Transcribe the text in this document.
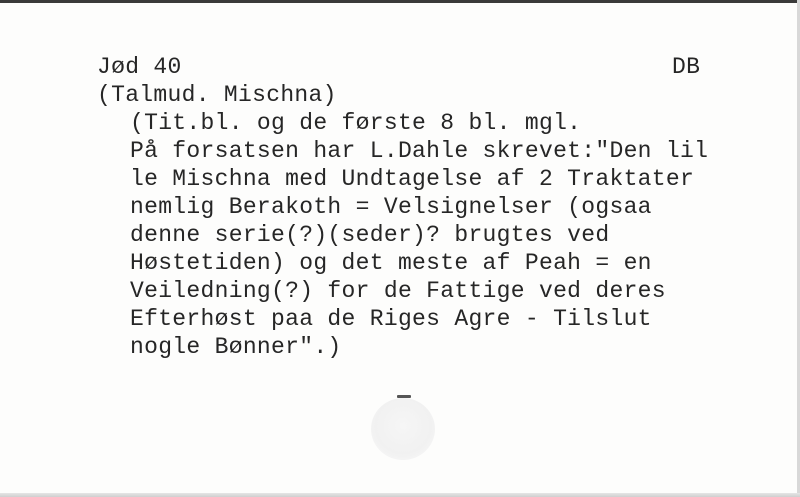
Jød 40	DB

(Talmud. Mischna)

(Tit.bl. og de første 8 bl. mgl.

På forsatsen har L.Dahle skrevet:"Den lil

le Mischna med Undtagelse af 2 Traktater

nemlig Berakoth = Velsignelser (ogsaa

denne serie(?)(seder)? brugtes ved

Høstetiden) og det meste af Peah = en

Veiledning(?) for de Fattige ved deres

Efterhøst paa de Riges Agre - Tilslut

nogle Bønner".)
